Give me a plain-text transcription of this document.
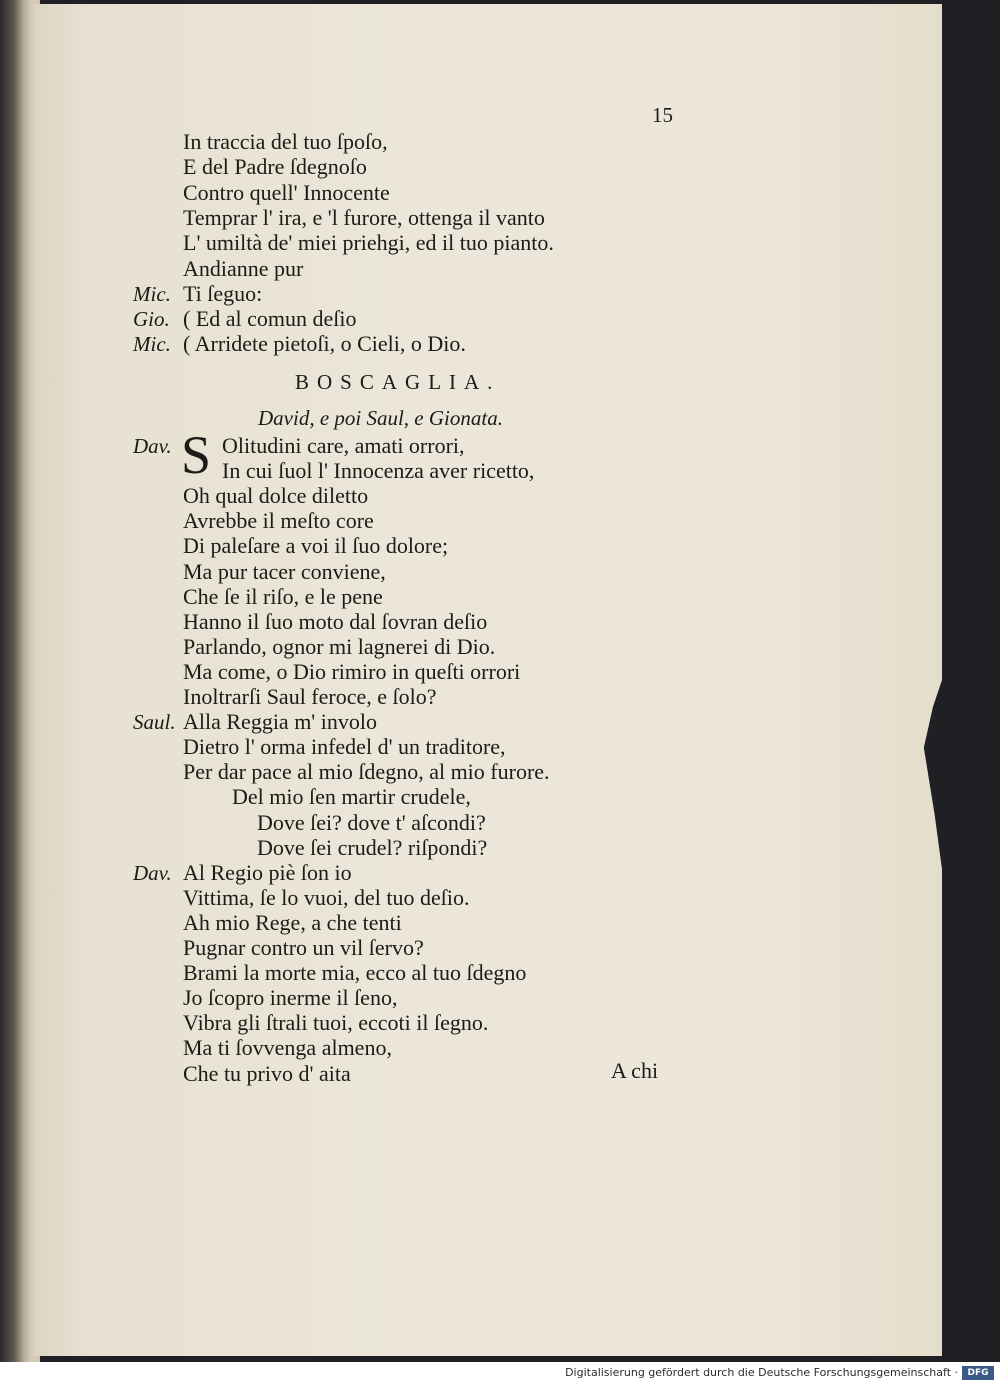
15
In traccia del tuo ſpoſo,
E del Padre ſdegnoſo
Contro quell' Innocente
Temprar l' ira, e 'l furore, ottenga il vanto
L' umiltà de' miei priehgi, ed il tuo pianto.
Andianne pur
Mic. Ti ſeguo:
Gio. ( Ed al comun deſio
Mic. ( Arridete pietoſi, o Cieli, o Dio.
BOSCAGLIA.
David, e poi Saul, e Gionata.
S
Dav. Olitudini care, amati orrori,
In cui ſuol l' Innocenza aver ricetto,
Oh qual dolce diletto
Avrebbe il meſto core
Di paleſare a voi il ſuo dolore;
Ma pur tacer conviene,
Che ſe il riſo, e le pene
Hanno il ſuo moto dal ſovran deſio
Parlando, ognor mi lagnerei di Dio.
Ma come, o Dio rimiro in queſti orrori
Inoltrarſi Saul feroce, e ſolo?
Saul. Alla Reggia m' involo
Dietro l' orma infedel d' un traditore,
Per dar pace al mio ſdegno, al mio furore.
Del mio ſen martir crudele,
Dove ſei? dove t' aſcondi?
Dove ſei crudel? riſpondi?
Dav. Al Regio piè ſon io
Vittima, ſe lo vuoi, del tuo deſio.
Ah mio Rege, a che tenti
Pugnar contro un vil ſervo?
Brami la morte mia, ecco al tuo ſdegno
Jo ſcopro inerme il ſeno,
Vibra gli ſtrali tuoi, eccoti il ſegno.
Ma ti ſovvenga almeno,
Che tu privo d' aita	A chi
Digitalisierung gefördert durch die Deutsche Forschungsgemeinschaft ·	DFG
